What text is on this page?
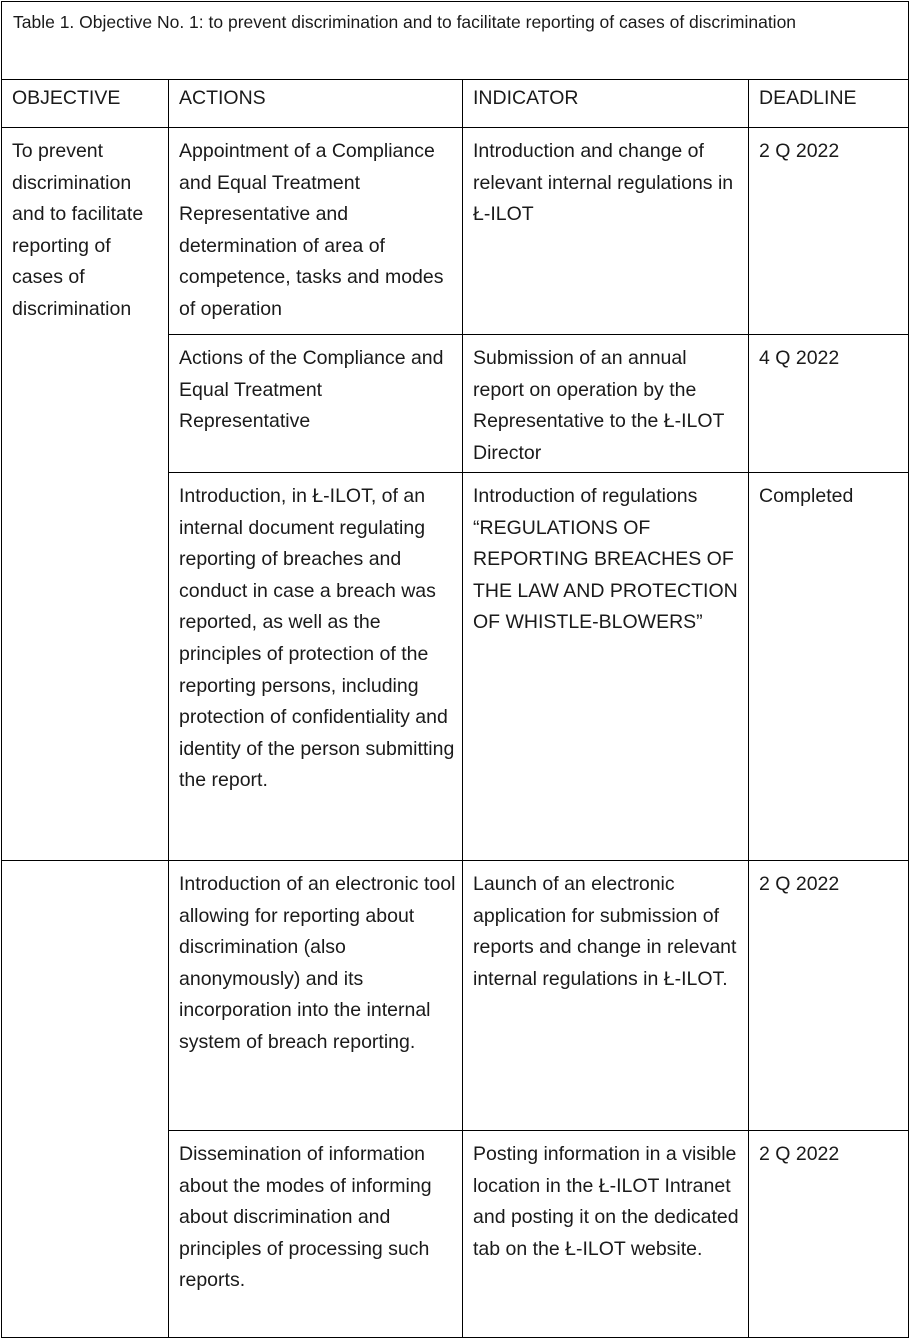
Table 1. Objective No. 1: to prevent discrimination and to facilitate reporting of cases of discrimination			

OBJECTIVE	ACTIONS	INDICATOR	DEADLINE

To prevent discrimination and to facilitate reporting of cases of discrimination	Appointment of a Compliance and Equal Treatment Representative and determination of area of competence, tasks and modes of operation	Introduction and change of relevant internal regulations in Ł-ILOT	2 Q 2022

	Actions of the Compliance and Equal Treatment Representative	Submission of an annual report on operation by the Representative to the Ł-ILOT Director	4 Q 2022

	Introduction, in Ł-ILOT, of an internal document regulating reporting of breaches and conduct in case a breach was reported, as well as the principles of protection of the reporting persons, including protection of confidentiality and identity of the person submitting the report.	Introduction of regulations “REGULATIONS OF REPORTING BREACHES OF THE LAW AND PROTECTION OF WHISTLE-BLOWERS”	Completed

	Introduction of an electronic tool allowing for reporting about discrimination (also anonymously) and its incorporation into the internal system of breach reporting.	Launch of an electronic application for submission of reports and change in relevant internal regulations in Ł-ILOT.	2 Q 2022

	Dissemination of information about the modes of informing about discrimination and principles of processing such reports.	Posting information in a visible location in the Ł-ILOT Intranet and posting it on the dedicated tab on the Ł-ILOT website.	2 Q 2022
